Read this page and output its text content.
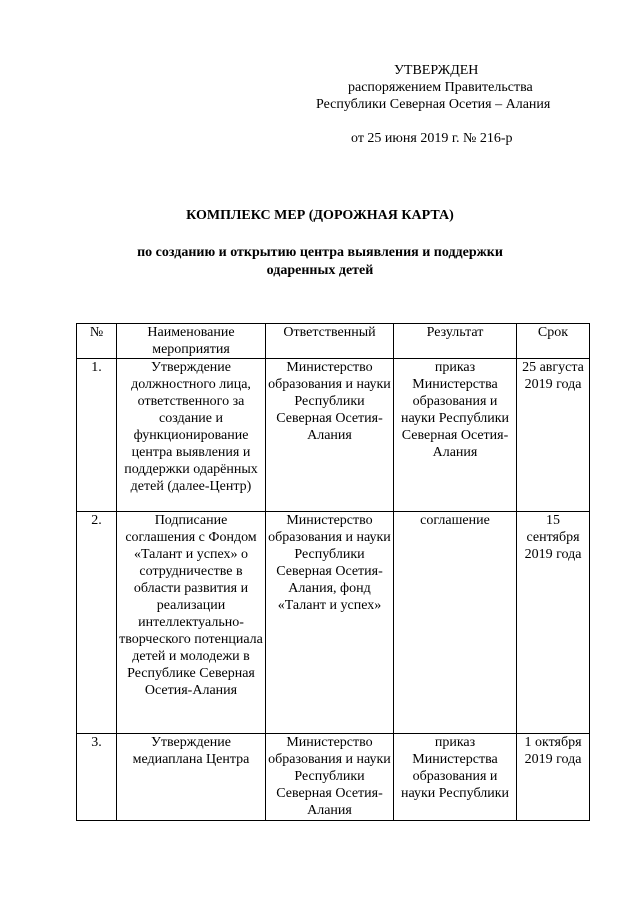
УТВЕРЖДЕН
распоряжением Правительства
Республики Северная Осетия – Алания
от 25 июня 2019 г. № 216-р
КОМПЛЕКС МЕР (ДОРОЖНАЯ КАРТА)
по созданию и открытию центра выявления и поддержки
одаренных детей
№	Наименование мероприятия	Ответственный	Результат	Срок
1.	Утверждение должностного лица, ответственного за создание и функционирование центра выявления и поддержки одарённых детей (далее-Центр)	Министерство образования и науки Республики Северная Осетия-Алания	приказ Министерства образования и науки Республики Северная Осетия-Алания	25 августа 2019 года
2.	Подписание соглашения с Фондом «Талант и успех» о сотрудничестве в области развития и реализации интеллектуально-творческого потенциала детей и молодежи в Республике Северная Осетия-Алания	Министерство образования и науки Республики Северная Осетия-Алания, фонд «Талант и успех»	соглашение	15 сентября 2019 года
3.	Утверждение медиаплана Центра	Министерство образования и науки Республики Северная Осетия-Алания	приказ Министерства образования и науки Республики	1 октября 2019 года
